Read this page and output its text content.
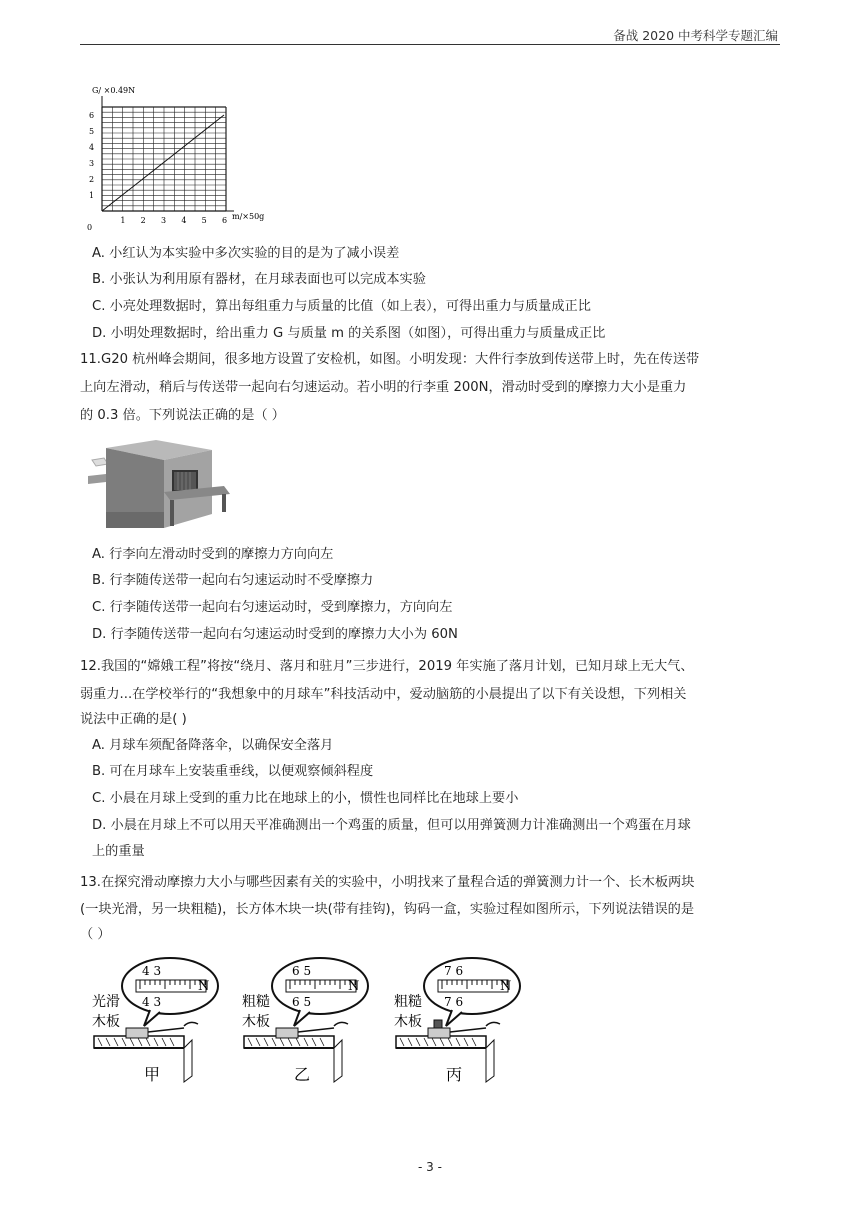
备战 2020 中考科学专题汇编
G/ ×0.49N
0
1
2
3
4
5
6
1 2 3 4 5 6 m/×50g

A. 小红认为本实验中多次实验的目的是为了减小误差

B. 小张认为利用原有器材，在月球表面也可以完成本实验

C. 小亮处理数据时，算出每组重力与质量的比值（如上表），可得出重力与质量成正比

D. 小明处理数据时，给出重力 G 与质量 m 的关系图（如图），可得出重力与质量成正比

11.G20 杭州峰会期间，很多地方设置了安检机，如图。小明发现：大件行李放到传送带上时，先在传送带

上向左滑动，稍后与传送带一起向右匀速运动。若小明的行李重 200N，滑动时受到的摩擦力大小是重力

的 0.3 倍。下列说法正确的是（ ）

A. 行李向左滑动时受到的摩擦力方向向左

B. 行李随传送带一起向右匀速运动时不受摩擦力

C. 行李随传送带一起向右匀速运动时，受到摩擦力，方向向左

D. 行李随传送带一起向右匀速运动时受到的摩擦力大小为 60N

12.我国的“嫦娥工程”将按“绕月、落月和驻月”三步进行，2019 年实施了落月计划，已知月球上无大气、

弱重力...在学校举行的“我想象中的月球车”科技活动中，爱动脑筋的小晨提出了以下有关设想，下列相关

说法中正确的是( )

A. 月球车须配备降落伞，以确保安全落月

B. 可在月球车上安装重垂线，以便观察倾斜程度

C. 小晨在月球上受到的重力比在地球上的小，惯性也同样比在地球上要小

D. 小晨在月球上不可以用天平准确测出一个鸡蛋的质量，但可以用弹簧测力计准确测出一个鸡蛋在月球

上的重量

13.在探究滑动摩擦力大小与哪些因素有关的实验中，小明找来了量程合适的弹簧测力计一个、长木板两块

(一块光滑，另一块粗糙)，长方体木块一块(带有挂钩)，钩码一盒，实验过程如图所示，下列说法错误的是

（ ）

4 3
4 3
N
光滑
木板
甲
6 5
6 5
N
粗糙
木板
乙
7 6
7 6
N
粗糙
木板
丙
- 3 -
